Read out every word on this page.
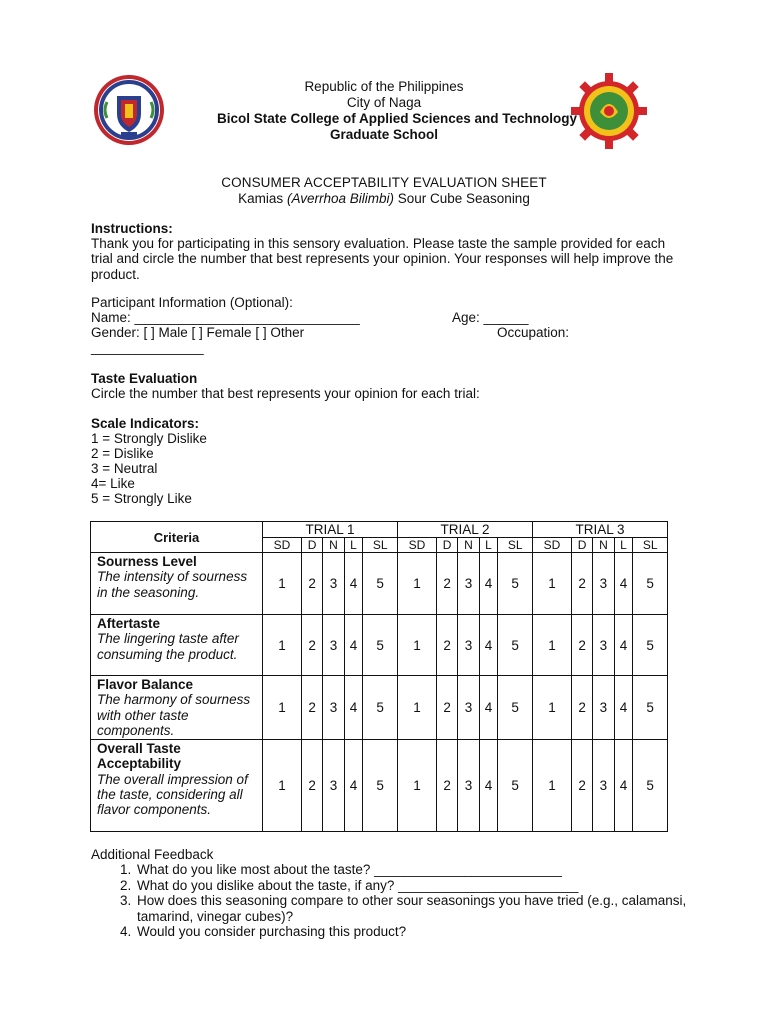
Republic of the Philippines
City of Naga
Bicol State College of Applied Sciences and Technology
Graduate School
CONSUMER ACCEPTABILITY EVALUATION SHEET
Kamias (Averrhoa Bilimbi) Sour Cube Seasoning
Instructions:
Thank you for participating in this sensory evaluation. Please taste the sample provided for each trial and circle the number that best represents your opinion. Your responses will help improve the product.
Participant Information (Optional):
Name: ______________________________	Age: ______
Gender: [ ] Male [ ] Female [ ] Other	Occupation:
_______________
Taste Evaluation
Circle the number that best represents your opinion for each trial:
Scale Indicators:
1 = Strongly Dislike
2 = Dislike
3 = Neutral
4= Like
5 = Strongly Like
Criteria	TRIAL 1					TRIAL 2					TRIAL 3				
	SD	D	N	L	SL	SD	D	N	L	SL	SD	D	N	L	SL

Sourness Level
The intensity of sourness in the seasoning.	1	2	3	4	5	1	2	3	4	5	1	2	3	4	5

Aftertaste
The lingering taste after consuming the product.	1	2	3	4	5	1	2	3	4	5	1	2	3	4	5

Flavor Balance
The harmony of sourness with other taste components.	1	2	3	4	5	1	2	3	4	5	1	2	3	4	5

Overall Taste Acceptability
The overall impression of the taste, considering all flavor components.	1	2	3	4	5	1	2	3	4	5	1	2	3	4	5
Additional Feedback
1. What do you like most about the taste? _________________________
2. What do you dislike about the taste, if any? ________________________
3. How does this seasoning compare to other sour seasonings you have tried (e.g., calamansi, tamarind, vinegar cubes)?
4. Would you consider purchasing this product?
